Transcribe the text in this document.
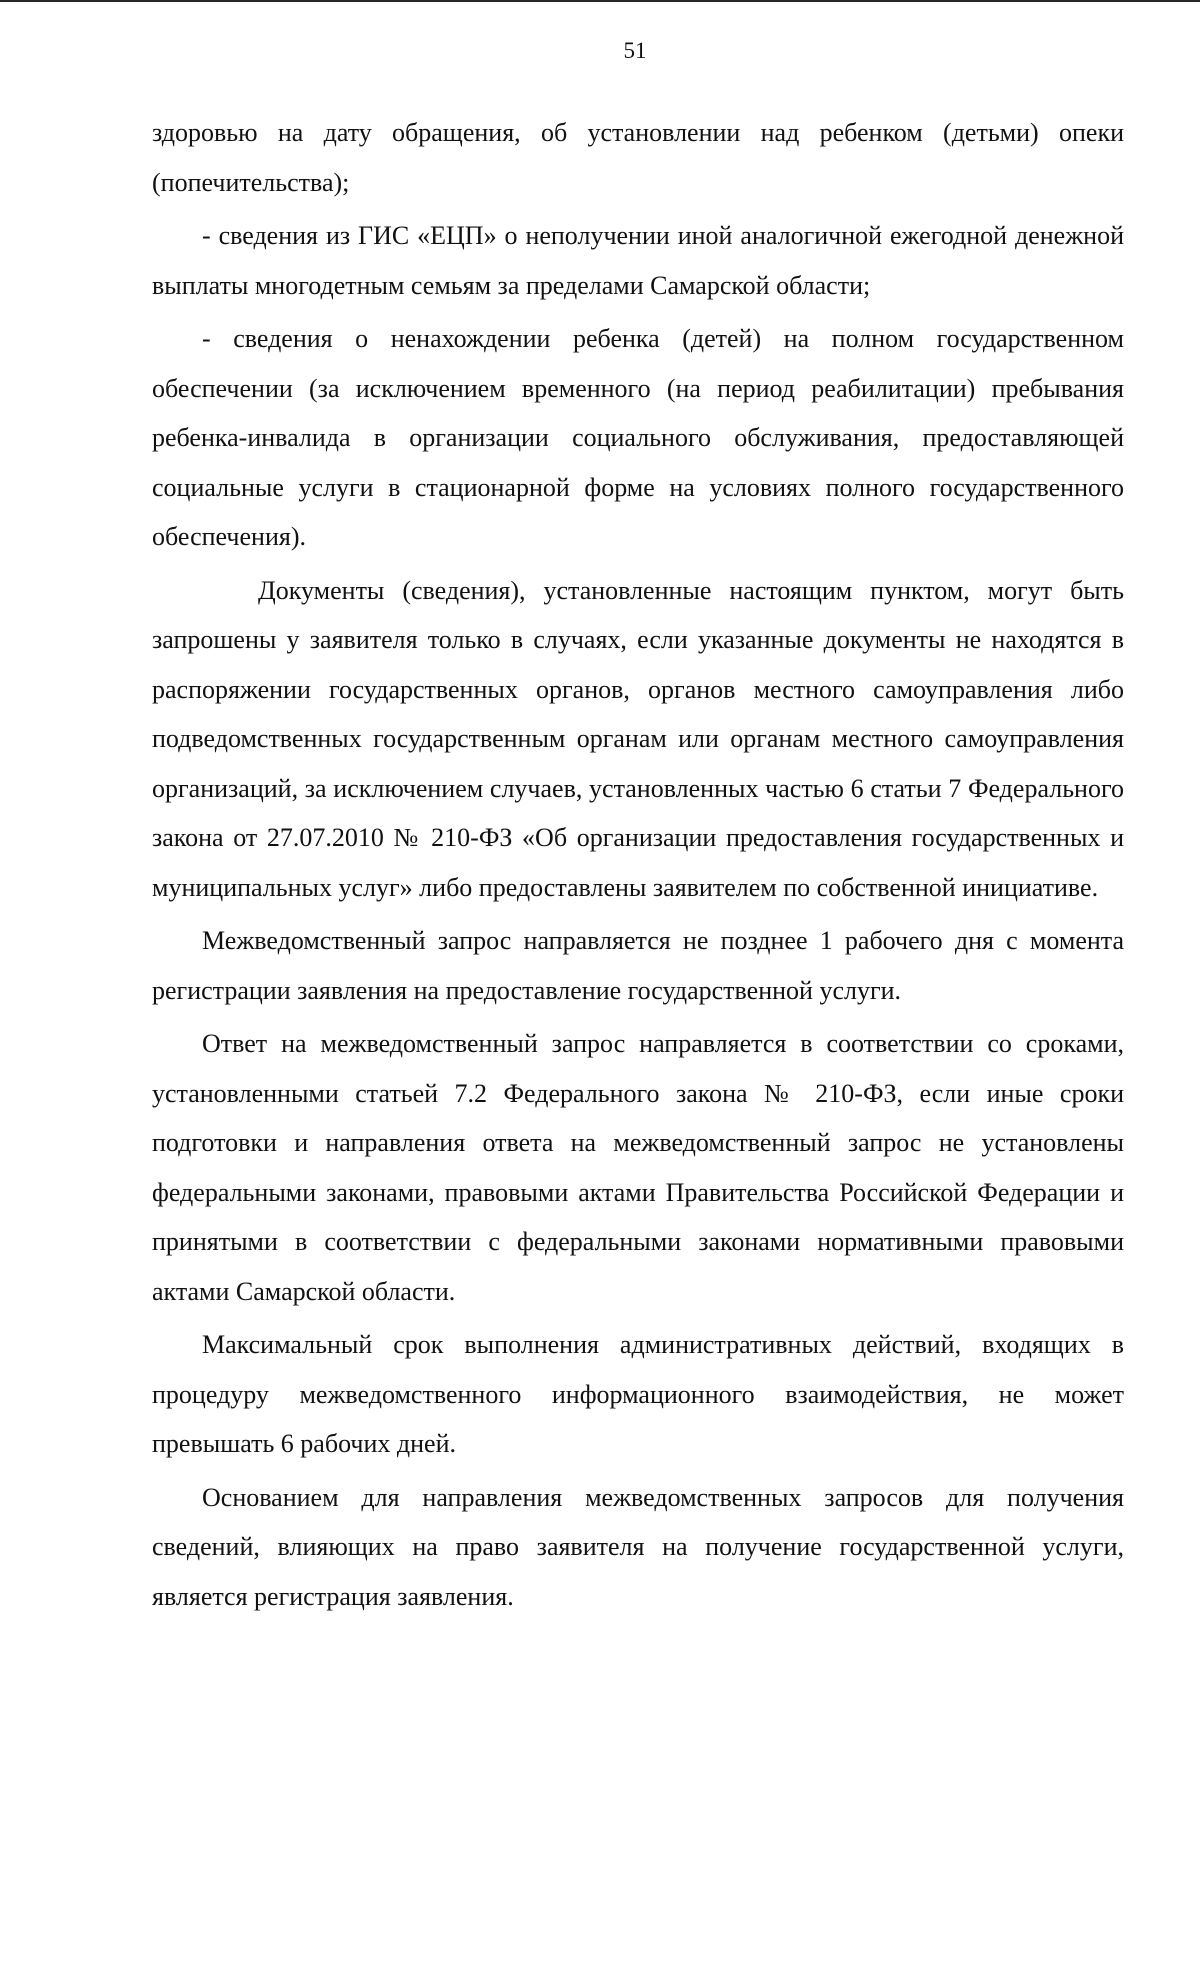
51

здоровью на дату обращения, об установлении над ребенком (детьми) опеки (попечительства);

- сведения из ГИС «ЕЦП» о неполучении иной аналогичной ежегодной денежной выплаты многодетным семьям за пределами Самарской области;

- сведения о ненахождении ребенка (детей) на полном государственном обеспечении (за исключением временного (на период реабилитации) пребывания ребенка-инвалида в организации социального обслуживания, предоставляющей социальные услуги в стационарной форме на условиях полного государственного обеспечения).

Документы (сведения), установленные настоящим пунктом, могут быть запрошены у заявителя только в случаях, если указанные документы не находятся в распоряжении государственных органов, органов местного самоуправления либо подведомственных государственным органам или органам местного самоуправления организаций, за исключением случаев, установленных частью 6 статьи 7 Федерального закона от 27.07.2010 № 210-ФЗ «Об организации предоставления государственных и муниципальных услуг» либо предоставлены заявителем по собственной инициативе.

Межведомственный запрос направляется не позднее 1 рабочего дня с момента регистрации заявления на предоставление государственной услуги.

Ответ на межведомственный запрос направляется в соответствии со сроками, установленными статьей 7.2 Федерального закона № 210-ФЗ, если иные сроки подготовки и направления ответа на межведомственный запрос не установлены федеральными законами, правовыми актами Правительства Российской Федерации и принятыми в соответствии с федеральными законами нормативными правовыми актами Самарской области.

Максимальный срок выполнения административных действий, входящих в процедуру межведомственного информационного взаимодействия, не может превышать 6 рабочих дней.

Основанием для направления межведомственных запросов для получения сведений, влияющих на право заявителя на получение государственной услуги, является регистрация заявления.
